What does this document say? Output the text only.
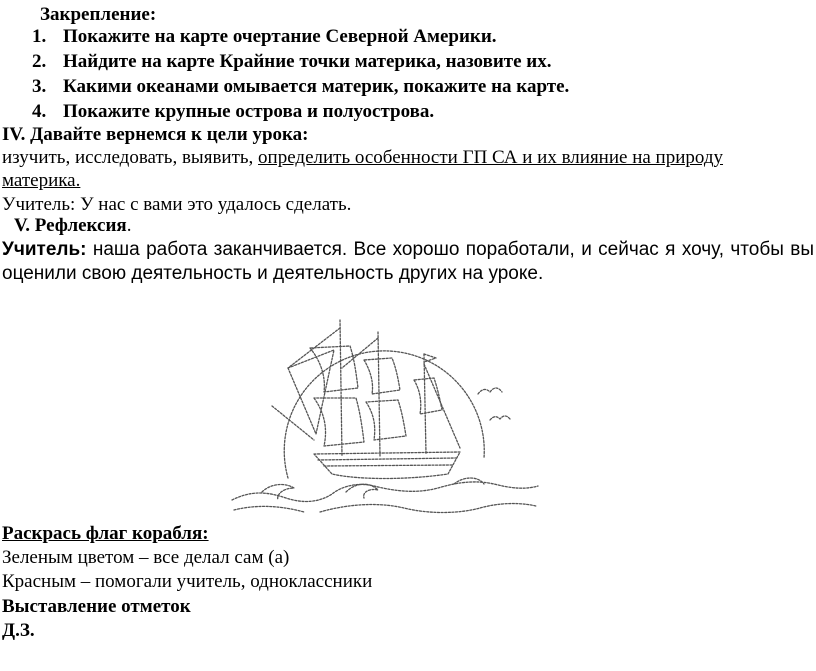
Закрепление:
1. Покажите на карте очертание Северной Америки.
2. Найдите на карте Крайние точки материка, назовите их.
3. Какими океанами омывается материк, покажите на карте.
4. Покажите крупные острова и полуострова.
IV. Давайте вернемся к цели урока:
изучить, исследовать, выявить, определить особенности ГП СА и их влияние на природу
материка.
Учитель: У нас с вами это удалось сделать.
V. Рефлексия.
Учитель: наша работа заканчивается. Все хорошо поработали, и сейчас я хочу, чтобы вы
оценили свою деятельность и деятельность других на уроке.
Раскрась флаг корабля:
Зеленым цветом – все делал сам (а)
Красным – помогали учитель, одноклассники
Выставление отметок
Д.З.
